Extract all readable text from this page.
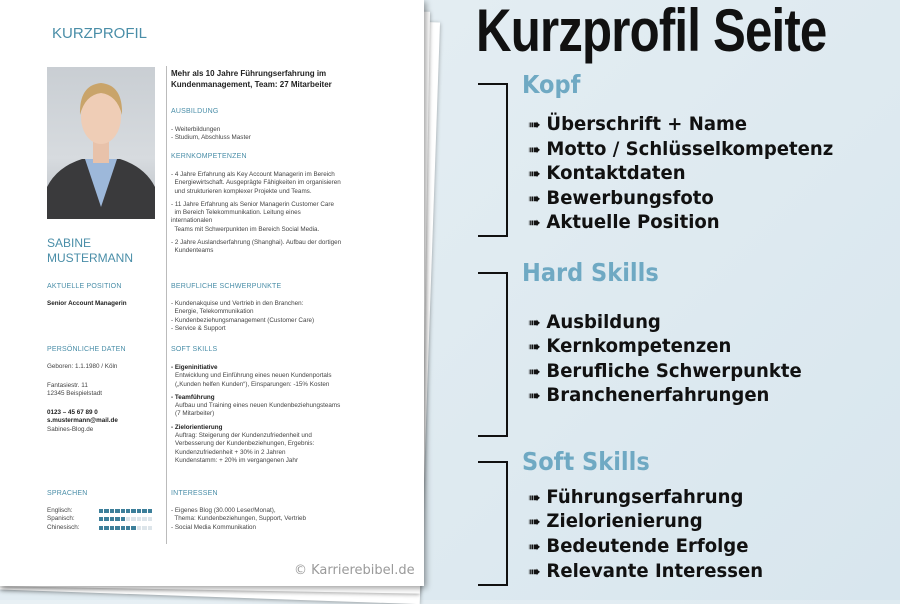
KURZPROFIL
SABINE
MUSTERMANN
AKTUELLE POSITION
Senior Account Managerin
PERSÖNLICHE DATEN
Geboren: 1.1.1980 / Köln
Fantasiestr. 11
12345 Beispielstadt
0123 – 45 67 89 0
s.mustermann@mail.de
Sabines-Blog.de
SPRACHEN
Englisch:
Spanisch:
Chinesisch:
Mehr als 10 Jahre Führungserfahrung im
Kundenmanagement, Team: 27 Mitarbeiter
AUSBILDUNG
- Weiterbildungen
- Studium, Abschluss Master
KERNKOMPETENZEN
- 4 Jahre Erfahrung als Key Account Managerin im Bereich
Energiewirtschaft. Ausgeprägte Fähigkeiten im organisieren
und strukturieren komplexer Projekte und Teams.
- 11 Jahre Erfahrung als Senior Managerin Customer Care
im Bereich Telekommunikation. Leitung eines
internationalen
Teams mit Schwerpunkten im Bereich Social Media.
- 2 Jahre Auslandserfahrung (Shanghai). Aufbau der dortigen
Kundenteams
BERUFLICHE SCHWERPUNKTE
- Kundenakquise und Vertrieb in den Branchen:
Energie, Telekommunikation
- Kundenbeziehungsmanagement (Customer Care)
- Service & Support
SOFT SKILLS
- Eigeninitiative
Entwicklung und Einführung eines neuen Kundenportals
(„Kunden helfen Kunden“), Einsparungen: -15% Kosten
- Teamführung
Aufbau und Training eines neuen Kundenbeziehungsteams
(7 Mitarbeiter)
- Zielorientierung
Auftrag: Steigerung der Kundenzufriedenheit und
Verbesserung der Kundenbeziehungen, Ergebnis:
Kundenzufriedenheit + 30% in 2 Jahren
Kundenstamm: + 20% im vergangenen Jahr
INTERESSEN
- Eigenes Blog (30.000 Leser/Monat),
Thema: Kundenbeziehungen, Support, Vertrieb
- Social Media Kommunikation
© Karrierebibel.de
Kurzprofil Seite
Kopf
➠ Überschrift + Name
➠ Motto / Schlüsselkompetenz
➠ Kontaktdaten
➠ Bewerbungsfoto
➠ Aktuelle Position
Hard Skills
➠ Ausbildung
➠ Kernkompetenzen
➠ Berufliche Schwerpunkte
➠ Branchenerfahrungen
Soft Skills
➠ Führungserfahrung
➠ Zielorienierung
➠ Bedeutende Erfolge
➠ Relevante Interessen
